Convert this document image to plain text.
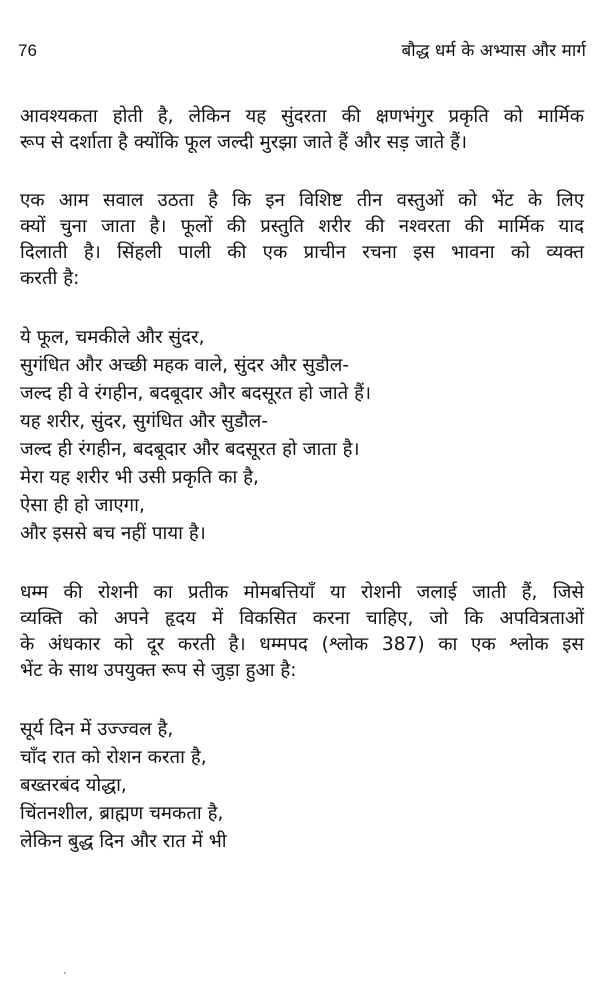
76	बौद्ध धर्म के अभ्यास और मार्ग
आवश्यकता होती है, लेकिन यह सुंदरता की क्षणभंगुर प्रकृति को मार्मिक
रूप से दर्शाता है क्योंकि फूल जल्दी मुरझा जाते हैं और सड़ जाते हैं।
एक आम सवाल उठता है कि इन विशिष्ट तीन वस्तुओं को भेंट के लिए
क्यों चुना जाता है। फूलों की प्रस्तुति शरीर की नश्वरता की मार्मिक याद
दिलाती है। सिंहली पाली की एक प्राचीन रचना इस भावना को व्यक्त
करती है:
ये फूल, चमकीले और सुंदर,
सुगंधित और अच्छी महक वाले, सुंदर और सुडौल-
जल्द ही वे रंगहीन, बदबूदार और बदसूरत हो जाते हैं।
यह शरीर, सुंदर, सुगंधित और सुडौल-
जल्द ही रंगहीन, बदबूदार और बदसूरत हो जाता है।
मेरा यह शरीर भी उसी प्रकृति का है,
ऐसा ही हो जाएगा,
और इससे बच नहीं पाया है।
धम्म की रोशनी का प्रतीक मोमबत्तियाँ या रोशनी जलाई जाती हैं, जिसे
व्यक्ति को अपने हृदय में विकसित करना चाहिए, जो कि अपवित्रताओं
के अंधकार को दूर करती है। धम्मपद (श्लोक 387) का एक श्लोक इस
भेंट के साथ उपयुक्त रूप से जुड़ा हुआ है:
सूर्य दिन में उज्ज्वल है,
चाँद रात को रोशन करता है,
बख्तरबंद योद्धा,
चिंतनशील, ब्राह्मण चमकता है,
लेकिन बुद्ध दिन और रात में भी
